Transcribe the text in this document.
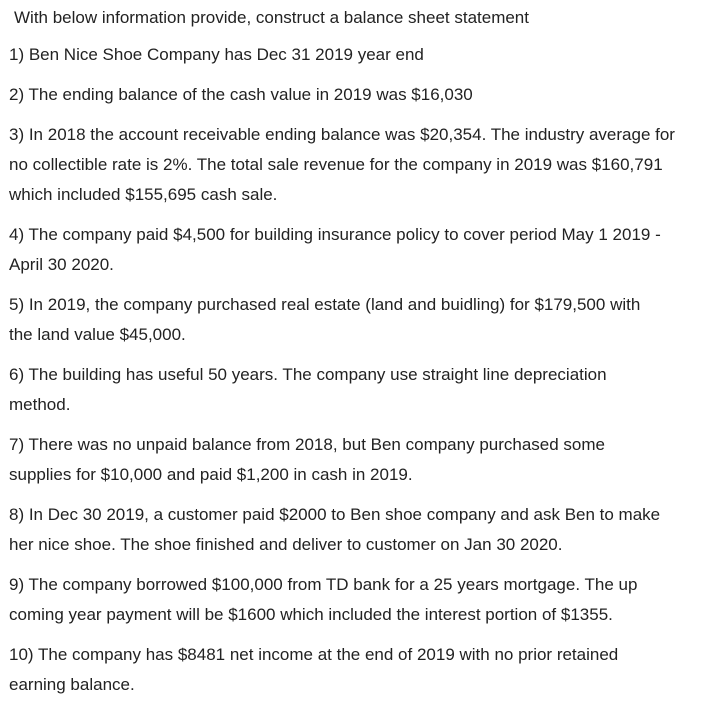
With below information provide, construct a balance sheet statement
1) Ben Nice Shoe Company has Dec 31 2019 year end
2) The ending balance of the cash value in 2019 was $16,030
3) In 2018 the account receivable ending balance was $20,354. The industry average for no collectible rate is 2%. The total sale revenue for the company in 2019 was $160,791 which included $155,695 cash sale.
4) The company paid $4,500 for building insurance policy to cover period May 1 2019 - April 30 2020.
5) In 2019, the company purchased real estate (land and buidling) for $179,500 with the land value $45,000.
6) The building has useful 50 years. The company use straight line depreciation method.
7) There was no unpaid balance from 2018, but Ben company purchased some supplies for $10,000 and paid $1,200 in cash in 2019.
8) In Dec 30 2019, a customer paid $2000 to Ben shoe company and ask Ben to make her nice shoe. The shoe finished and deliver to customer on Jan 30 2020.
9) The company borrowed $100,000 from TD bank for a 25 years mortgage. The up coming year payment will be $1600 which included the interest portion of $1355.
10) The company has $8481 net income at the end of 2019 with no prior retained earning balance.
